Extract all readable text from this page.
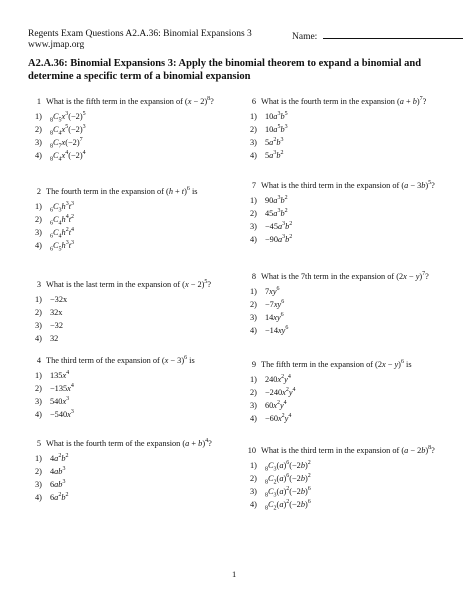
Regents Exam Questions A2.A.36: Binomial Expansions 3
www.jmap.org
Name:
A2.A.36: Binomial Expansions 3: Apply the binomial theorem to expand a binomial and determine a specific term of a binomial expansion
1 What is the fifth term in the expansion of $(x - 2)^8$?
1)	$_8C_5x^3(-2)^5$
2)	$_8C_4x^5(-2)^3$
3)	$_8C_7x(-2)^7$
4)	$_8C_4x^4(-2)^4$
2 The fourth term in the expansion of $(h + t)^6$ is
1)	$_6C_3h^3t^3$
2)	$_6C_4h^4t^2$
3)	$_6C_4h^2t^4$
4)	$_6C_5h^3t^3$
3 What is the last term in the expansion of $(x - 2)^5$?
1) −32x
2) 32x
3) −32
4) 32
4 The third term of the expansion of $(x - 3)^6$ is
1) $135x^4$
$2) -135x^4$
3) $540x^3$
$4) -540x^3$
5 What is the fourth term of the expansion $(a + b)^4$?
1) $4a^2b^2$
2) $4ab^3$
3) $6ab^3$
4) $6a^2b^2$
6 What is the fourth term in the expansion $(a + b)^7$?
1) $10a^3b^5$
2) $10a^5b^3$
3) $5a^2b^3$
4) $5a^3b^2$
7 What is the third term in the expansion of $(a - 3b)^5$?
1) $90a^3b^2$
2) $45a^3b^2$
$3) -45a^3b^2$
$4) -90a^3b^2$
8 What is the 7th term in the expansion of $(2x - y)^7$?
1) $7xy^6$
$2) -7xy^6$
3) $14xy^6$
$4) -14xy^6$
9 The fifth term in the expansion of $(2x - y)^6$ is
1) $240x^2y^4$
$2) -240x^2y^4$
3) $60x^2y^4$
$4) -60x^2y^4$
10 What is the third term in the expansion of $(a - 2b)^8$?
1)	$_8C_3(a)^6(-2b)^2$
2)	$_8C_2(a)^6(-2b)^2$
3)	$_8C_3(a)^2(-2b)^6$
4)	$_8C_2(a)^2(-2b)^6$
1
